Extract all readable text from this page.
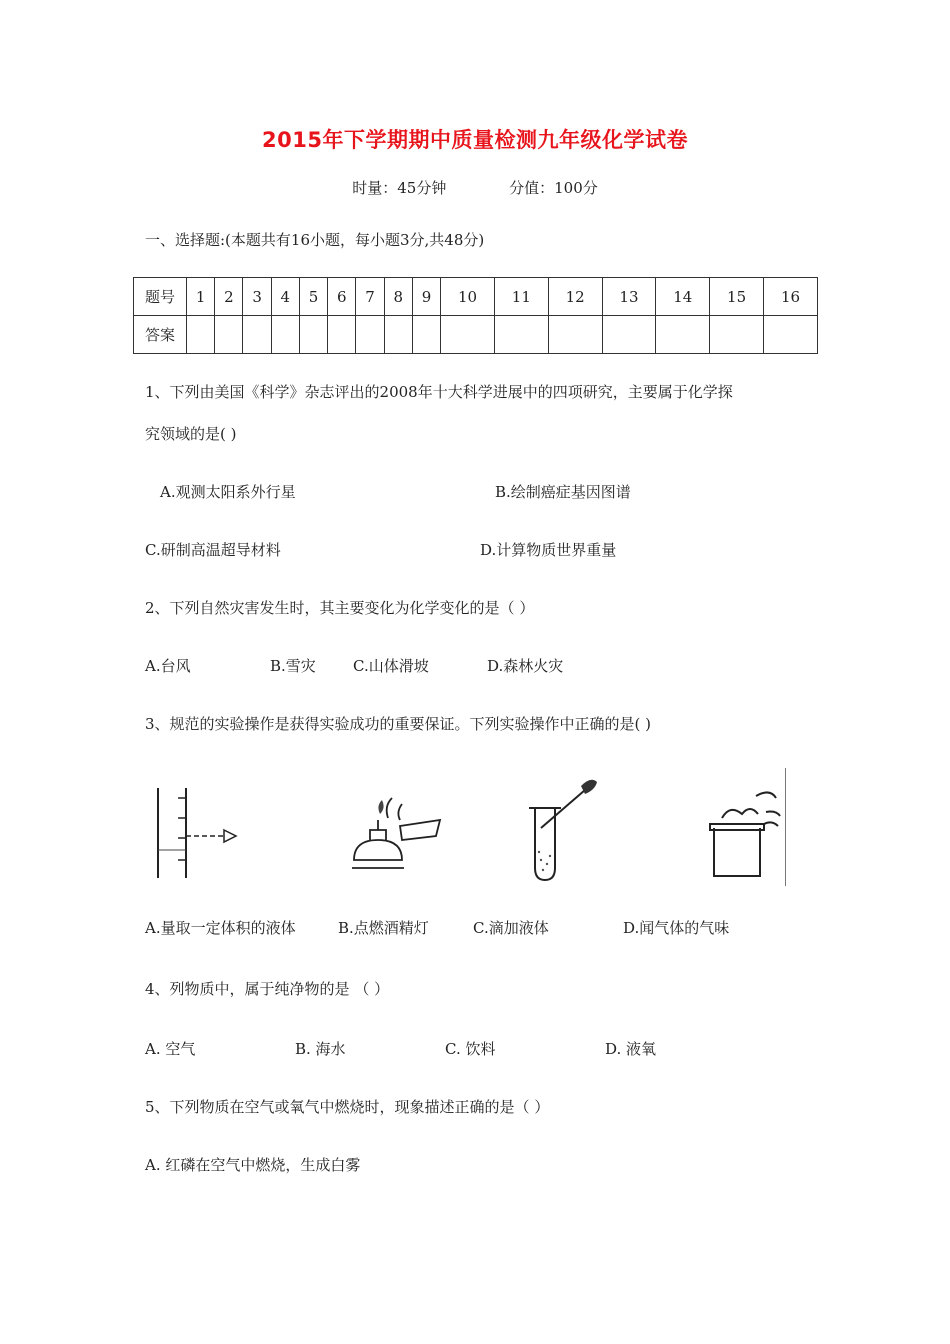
2015年下学期期中质量检测九年级化学试卷
时量：45分钟	分值：100分
一、选择题:(本题共有16小题，每小题3分,共48分)
题号	1	2	3	4	5	6	7	8	9	10	11	12	13	14	15	16
答案																
1、下列由美国《科学》杂志评出的2008年十大科学进展中的四项研究，主要属于化学探
究领域的是( )
A.观测太阳系外行星	B.绘制癌症基因图谱
C.研制高温超导材料	D.计算物质世界重量
2、下列自然灾害发生时，其主要变化为化学变化的是（ ）
A.台风	B.雪灾 C.山体滑坡	D.森林火灾
3、规范的实验操作是获得实验成功的重要保证。下列实验操作中正确的是( )
A.量取一定体积的液体	B.点燃酒精灯	C.滴加液体	D.闻气体的气味
4、列物质中，属于纯净物的是 （ ）
A. 空气	B. 海水	C. 饮料	D. 液氧
5、下列物质在空气或氧气中燃烧时，现象描述正确的是（ ）
A. 红磷在空气中燃烧，生成白雾
